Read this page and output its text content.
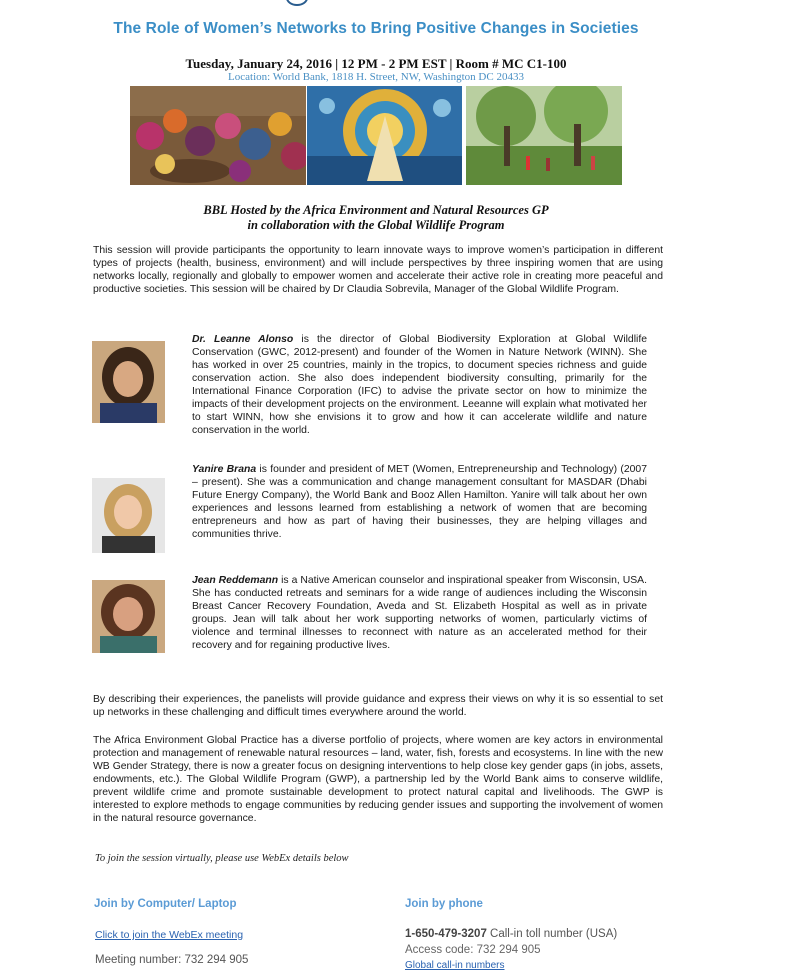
The Role of Women’s Networks to Bring Positive Changes in Societies
Tuesday, January 24, 2016 | 12 PM - 2 PM EST | Room # MC C1-100
Location: World Bank, 1818 H. Street, NW, Washington DC 20433
BBL Hosted by the Africa Environment and Natural Resources GP
in collaboration with the Global Wildlife Program
This session will provide participants the opportunity to learn innovate ways to improve women’s participation in different types of projects (health, business, environment) and will include perspectives by three inspiring women that are using networks locally, regionally and globally to empower women and accelerate their active role in creating more peaceful and productive societies. This session will be chaired by Dr Claudia Sobrevila, Manager of the Global Wildlife Program.
Dr. Leanne Alonso is the director of Global Biodiversity Exploration at Global Wildlife Conservation (GWC, 2012-present) and founder of the Women in Nature Network (WINN). She has worked in over 25 countries, mainly in the tropics, to document species richness and guide conservation action. She also does independent biodiversity consulting, primarily for the International Finance Corporation (IFC) to advise the private sector on how to minimize the impacts of their development projects on the environment. Leeanne will explain what motivated her to start WINN, how she envisions it to grow and how it can accelerate wildlife and nature conservation in the world.
Yanire Brana is founder and president of MET (Women, Entrepreneurship and Technology) (2007 – present). She was a communication and change management consultant for MASDAR (Dhabi Future Energy Company), the World Bank and Booz Allen Hamilton. Yanire will talk about her own experiences and lessons learned from establishing a network of women that are becoming entrepreneurs and how as part of having their businesses, they are helping villages and communities thrive.
Jean Reddemann is a Native American counselor and inspirational speaker from Wisconsin, USA. She has conducted retreats and seminars for a wide range of audiences including the Wisconsin Breast Cancer Recovery Foundation, Aveda and St. Elizabeth Hospital as well as in private groups. Jean will talk about her work supporting networks of women, particularly victims of violence and terminal illnesses to reconnect with nature as an accelerated method for their recovery and for regaining productive lives.
By describing their experiences, the panelists will provide guidance and express their views on why it is so essential to set up networks in these challenging and difficult times everywhere around the world.
The Africa Environment Global Practice has a diverse portfolio of projects, where women are key actors in environmental protection and management of renewable natural resources – land, water, fish, forests and ecosystems. In line with the new WB Gender Strategy, there is now a greater focus on designing interventions to help close key gender gaps (in jobs, assets, endowments, etc.). The Global Wildlife Program (GWP), a partnership led by the World Bank aims to conserve wildlife, prevent wildlife crime and promote sustainable development to protect natural capital and livelihoods. The GWP is interested to explore methods to engage communities by reducing gender issues and supporting the involvement of women in the natural resource governance.
To join the session virtually, please use WebEx details below
Join by Computer/ Laptop
Click to join the WebEx meeting
Meeting number: 732 294 905
Join by phone
1-650-479-3207 Call-in toll number (USA)
Access code: 732 294 905
Global call-in numbers
